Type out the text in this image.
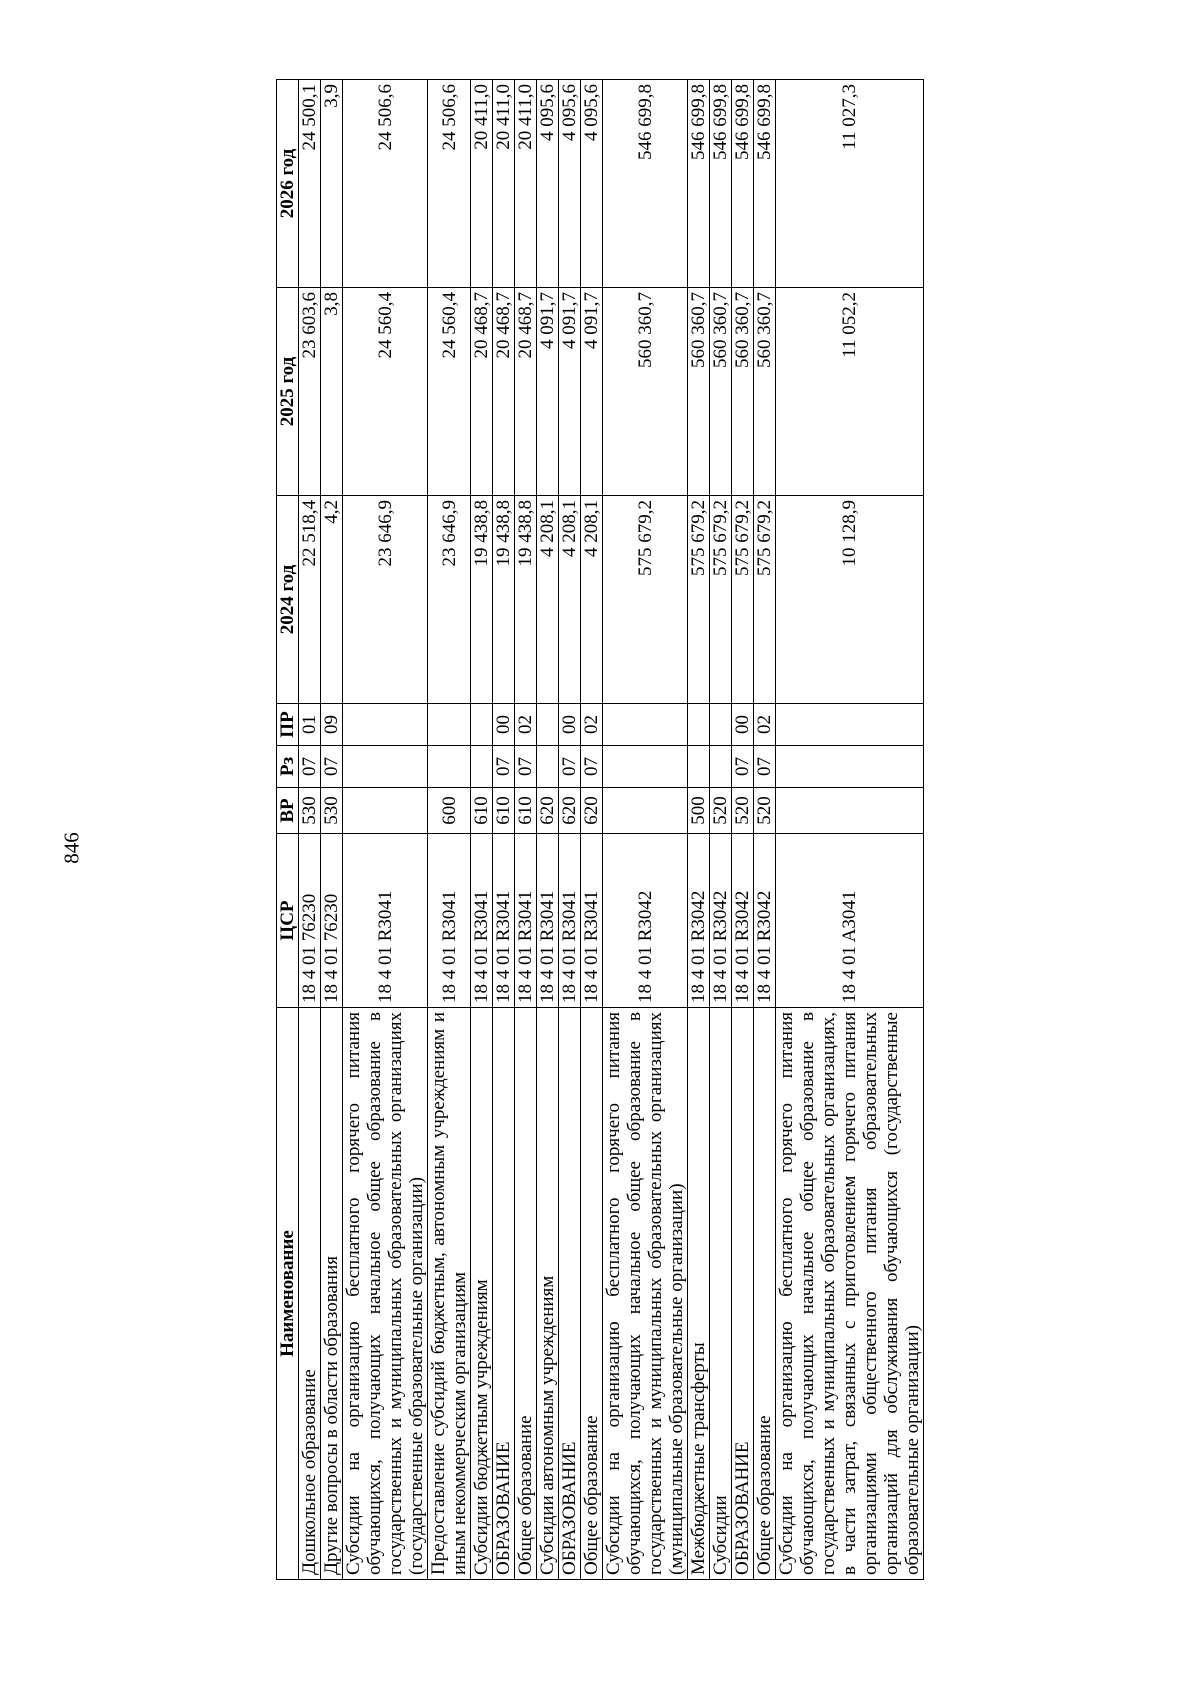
846
Наименование	ЦСР	ВР	Рз	ПР	2024 год	2025 год	2026 год
Дошкольное образование	18 4 01 76230	530	07	01	22 518,4	23 603,6	24 500,1
Другие вопросы в области образования	18 4 01 76230	530	07	09	4,2	3,8	3,9
Субсидии на организацию бесплатного горячего питания обучающихся, получающих начальное общее образование в государственных и муниципальных образовательных организациях (государственные образовательные организации)	18 4 01 R3041				23 646,9	24 560,4	24 506,6
Предоставление субсидий бюджетным, автономным учреждениям и иным некоммерческим организациям	18 4 01 R3041	600			23 646,9	24 560,4	24 506,6
Субсидии бюджетным учреждениям	18 4 01 R3041	610			19 438,8	20 468,7	20 411,0
ОБРАЗОВАНИЕ	18 4 01 R3041	610	07	00	19 438,8	20 468,7	20 411,0
Общее образование	18 4 01 R3041	610	07	02	19 438,8	20 468,7	20 411,0
Субсидии автономным учреждениям	18 4 01 R3041	620			4 208,1	4 091,7	4 095,6
ОБРАЗОВАНИЕ	18 4 01 R3041	620	07	00	4 208,1	4 091,7	4 095,6
Общее образование	18 4 01 R3041	620	07	02	4 208,1	4 091,7	4 095,6
Субсидии на организацию бесплатного горячего питания обучающихся, получающих начальное общее образование в государственных и муниципальных образовательных организациях (муниципальные образовательные организации)	18 4 01 R3042				575 679,2	560 360,7	546 699,8
Межбюджетные трансферты	18 4 01 R3042	500			575 679,2	560 360,7	546 699,8
Субсидии	18 4 01 R3042	520			575 679,2	560 360,7	546 699,8
ОБРАЗОВАНИЕ	18 4 01 R3042	520	07	00	575 679,2	560 360,7	546 699,8
Общее образование	18 4 01 R3042	520	07	02	575 679,2	560 360,7	546 699,8
Субсидии на организацию бесплатного горячего питания обучающихся, получающих начальное общее образование в государственных и муниципальных образовательных организациях, в части затрат, связанных с приготовлением горячего питания организациями общественного питания образовательных организаций для обслуживания обучающихся (государственные образовательные организации)	18 4 01 A3041				10 128,9	11 052,2	11 027,3
